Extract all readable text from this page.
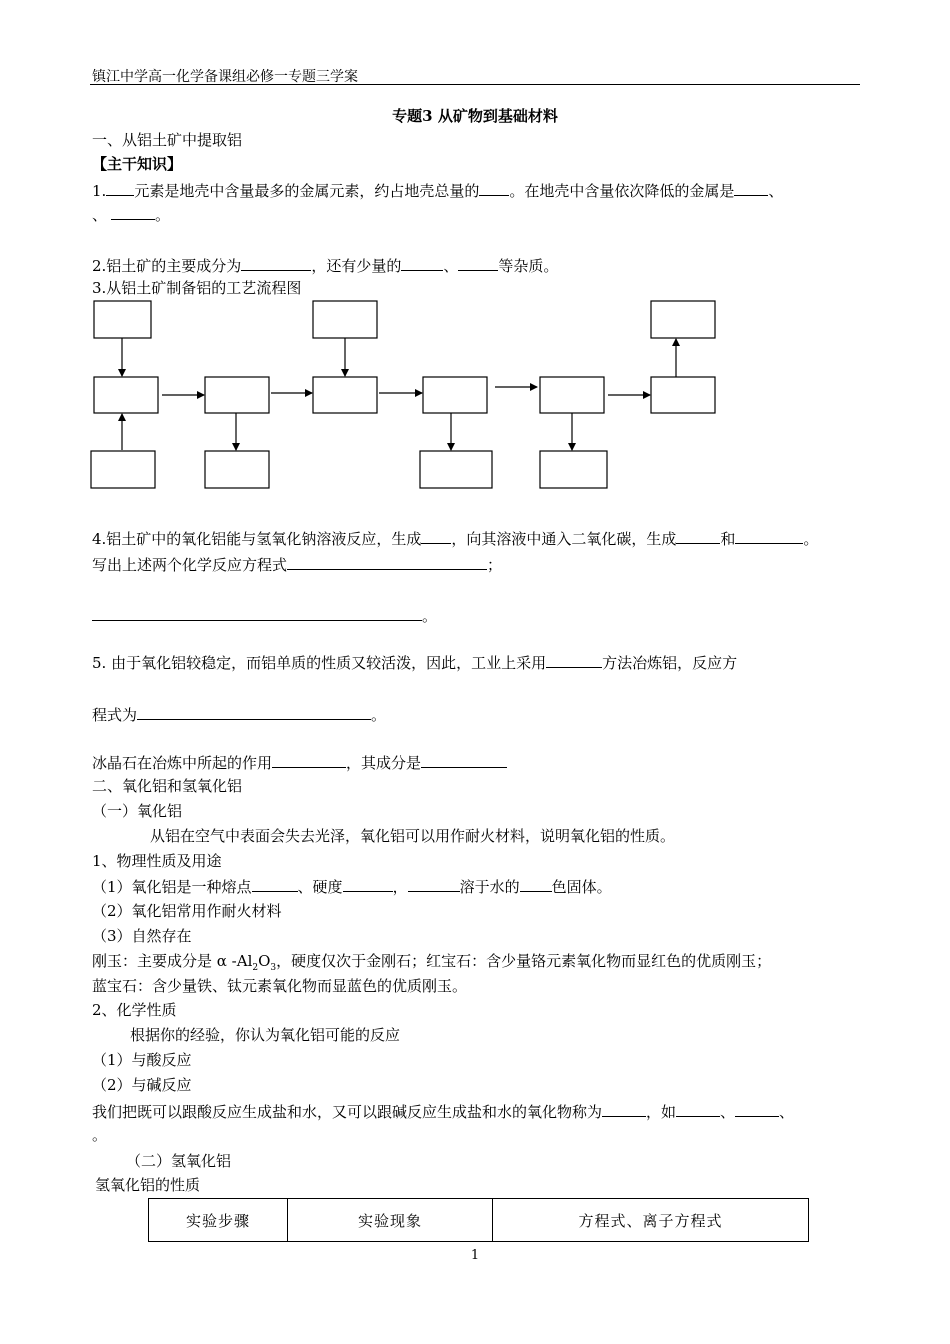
镇江中学高一化学备课组必修一专题三学案
专题3 从矿物到基础材料
一、从铝土矿中提取铝
【主干知识】
1. 元素是地壳中含量最多的金属元素，约占地壳总量的 。在地壳中含量依次降低的金属是 、
、	。
2.铝土矿的主要成分为	，还有少量的	、	等杂质。
3.从铝土矿制备铝的工艺流程图
4.铝土矿中的氧化铝能与氢氧化钠溶液反应，生成 ，向其溶液中通入二氧化碳，生成	和	。
写出上述两个化学反应方程式	；
。
5. 由于氧化铝较稳定，而铝单质的性质又较活泼，因此，工业上采用	方法冶炼铝，反应方
程式为	。
冰晶石在冶炼中所起的作用	，其成分是
二、氧化铝和氢氧化铝
（一）氧化铝
从铝在空气中表面会失去光泽，氧化铝可以用作耐火材料，说明氧化铝的性质。
1、物理性质及用途
（1）氧化铝是一种熔点	、硬度	，	溶于水的 色固体。
（2）氧化铝常用作耐火材料
（3）自然存在
刚玉：主要成分是 α $-Al_2O_3$，硬度仅次于金刚石；红宝石：含少量铬元素氧化物而显红色的优质刚玉；
蓝宝石：含少量铁、钛元素氧化物而显蓝色的优质刚玉。
2、化学性质
根据你的经验，你认为氧化铝可能的反应
（1）与酸反应
（2）与碱反应
我们把既可以跟酸反应生成盐和水，又可以跟碱反应生成盐和水的氧化物称为	，如	、	、
。
（二）氢氧化铝
氢氧化铝的性质
实验步骤	实验现象	方程式、离子方程式
1
